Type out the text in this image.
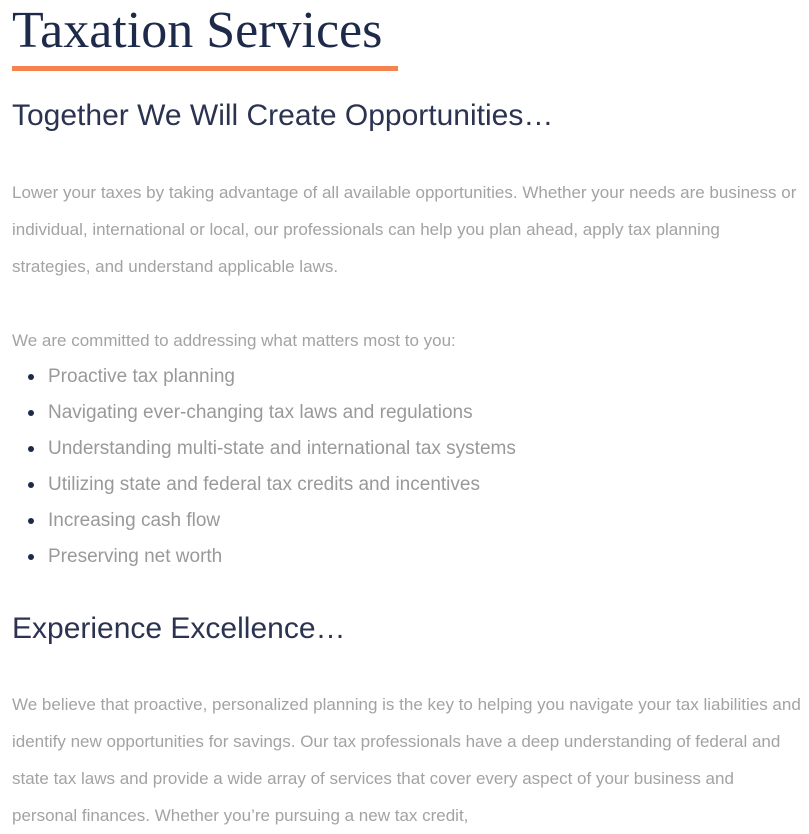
Taxation Services
Together We Will Create Opportunities…

Lower your taxes by taking advantage of all available opportunities. Whether your needs are business or individual, international or local, our professionals can help you plan ahead, apply tax planning strategies, and understand applicable laws.

We are committed to addressing what matters most to you:

Proactive tax planning
Navigating ever-changing tax laws and regulations
Understanding multi-state and international tax systems
Utilizing state and federal tax credits and incentives
Increasing cash flow
Preserving net worth
Experience Excellence…

We believe that proactive, personalized planning is the key to helping you navigate your tax liabilities and identify new opportunities for savings. Our tax professionals have a deep understanding of federal and state tax laws and provide a wide array of services that cover every aspect of your business and personal finances. Whether you’re pursuing a new tax credit,
